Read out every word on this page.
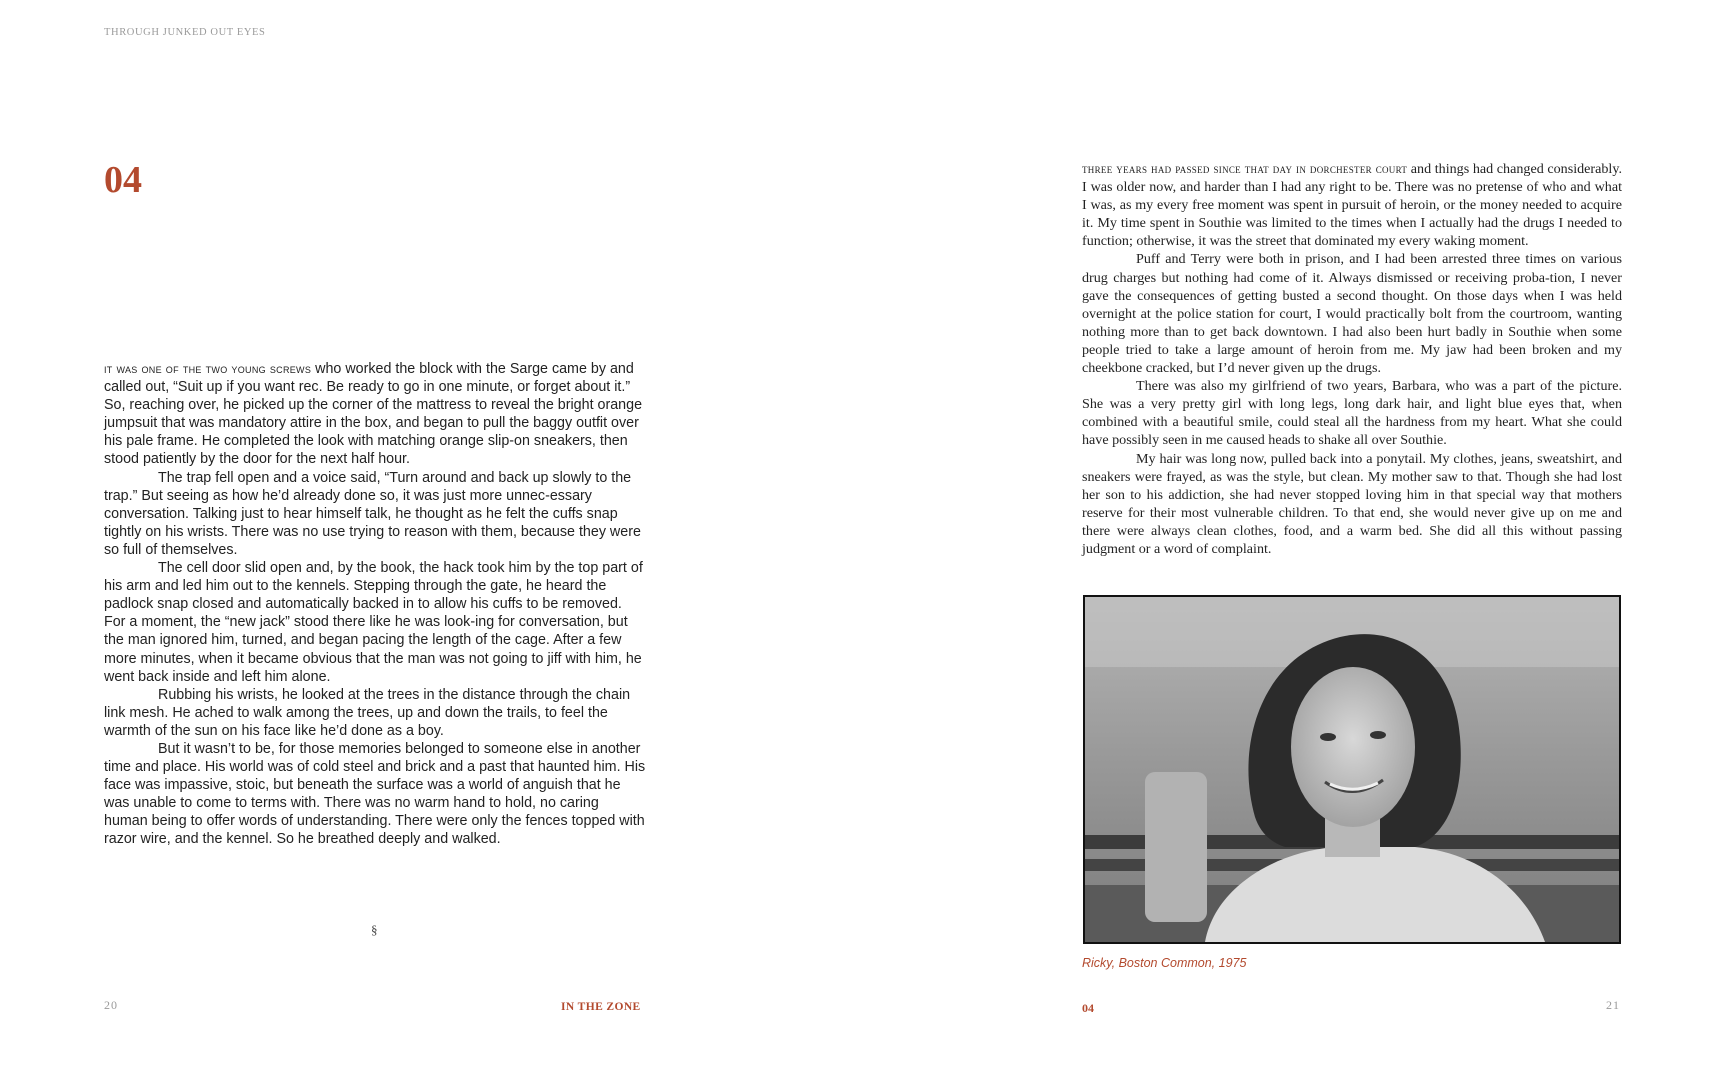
THROUGH JUNKED OUT EYES
04

it was one of the two young screws who worked the block with the Sarge came by and called out, “Suit up if you want rec. Be ready to go in one minute, or forget about it.” So, reaching over, he picked up the corner of the mattress to reveal the bright orange jumpsuit that was mandatory attire in the box, and began to pull the baggy outfit over his pale frame. He completed the look with matching orange slip-on sneakers, then stood patiently by the door for the next half hour.

The trap fell open and a voice said, “Turn around and back up slowly to the trap.” But seeing as how he’d already done so, it was just more unnec-essary conversation. Talking just to hear himself talk, he thought as he felt the cuffs snap tightly on his wrists. There was no use trying to reason with them, because they were so full of themselves.

The cell door slid open and, by the book, the hack took him by the top part of his arm and led him out to the kennels. Stepping through the gate, he heard the padlock snap closed and automatically backed in to allow his cuffs to be removed. For a moment, the “new jack” stood there like he was look-ing for conversation, but the man ignored him, turned, and began pacing the length of the cage. After a few more minutes, when it became obvious that the man was not going to jiff with him, he went back inside and left him alone.

Rubbing his wrists, he looked at the trees in the distance through the chain link mesh. He ached to walk among the trees, up and down the trails, to feel the warmth of the sun on his face like he’d done as a boy.

But it wasn’t to be, for those memories belonged to someone else in another time and place. His world was of cold steel and brick and a past that haunted him. His face was impassive, stoic, but beneath the surface was a world of anguish that he was unable to come to terms with. There was no warm hand to hold, no caring human being to offer words of understanding. There were only the fences topped with razor wire, and the kennel. So he breathed deeply and walked.

§

three years had passed since that day in dorchester court and things had changed considerably. I was older now, and harder than I had any right to be. There was no pretense of who and what I was, as my every free moment was spent in pursuit of heroin, or the money needed to acquire it. My time spent in Southie was limited to the times when I actually had the drugs I needed to function; otherwise, it was the street that dominated my every waking moment.

Puff and Terry were both in prison, and I had been arrested three times on various drug charges but nothing had come of it. Always dismissed or receiving proba-tion, I never gave the consequences of getting busted a second thought. On those days when I was held overnight at the police station for court, I would practically bolt from the courtroom, wanting nothing more than to get back downtown. I had also been hurt badly in Southie when some people tried to take a large amount of heroin from me. My jaw had been broken and my cheekbone cracked, but I’d never given up the drugs.

There was also my girlfriend of two years, Barbara, who was a part of the picture. She was a very pretty girl with long legs, long dark hair, and light blue eyes that, when combined with a beautiful smile, could steal all the hardness from my heart. What she could have possibly seen in me caused heads to shake all over Southie.

My hair was long now, pulled back into a ponytail. My clothes, jeans, sweatshirt, and sneakers were frayed, as was the style, but clean. My mother saw to that. Though she had lost her son to his addiction, she had never stopped loving him in that special way that mothers reserve for their most vulnerable children. To that end, she would never give up on me and there were always clean clothes, food, and a warm bed. She did all this without passing judgment or a word of complaint.

Ricky, Boston Common, 1975
20	IN THE ZONE	04	21
